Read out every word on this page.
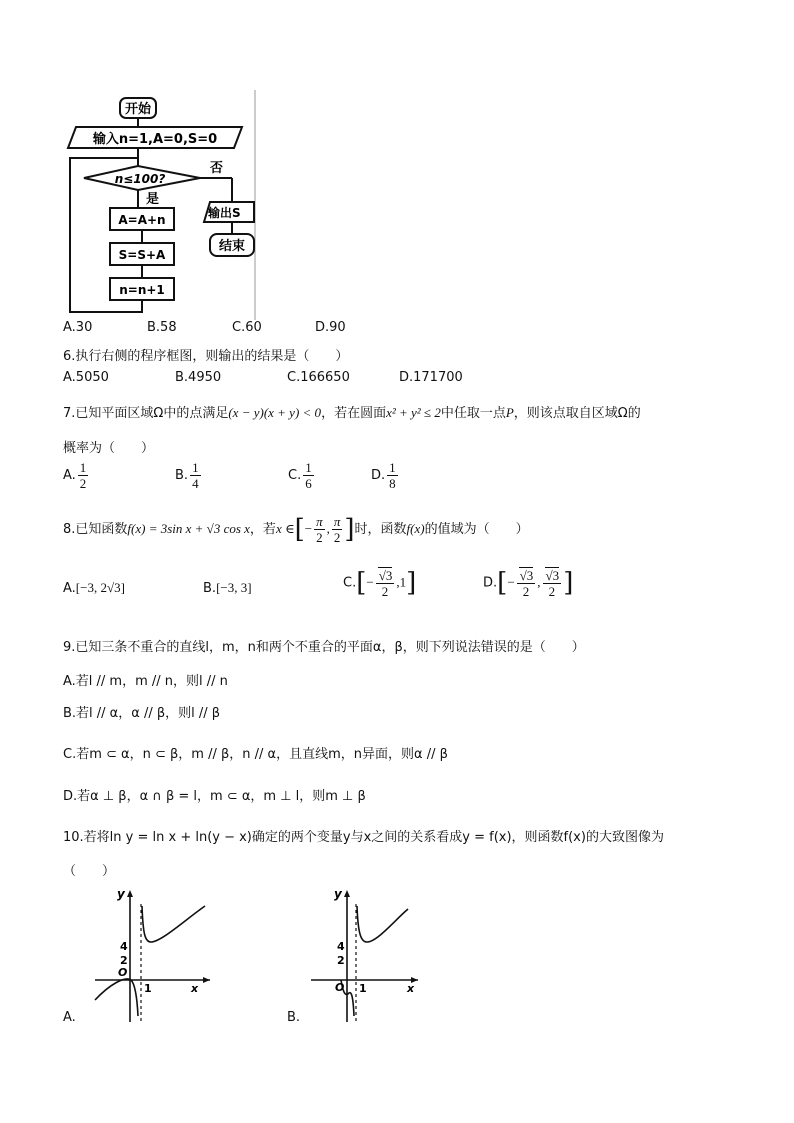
开始
输入n=1,A=0,S=0
n≤100?
否
输出S
结束
是
A=A+n
S=S+A
n=n+1
A.30	B.58	C.60	D.90
6.执行右侧的程序框图，则输出的结果是（　　）
A.5050	B.4950	C.166650	D.171700
7.已知平面区域Ω中的点满足(x − y)(x + y) < 0，若在圆面x² + y² ≤ 2中任取一点P，则该点取自区域Ω的
概率为（　　）
A. $\frac{1}{2}$	B. $\frac{1}{4}$	C. $\frac{1}{6}$	D. $\frac{1}{8}$
8.已知函数f(x) = 3sin x + √3 cos x，若x ∈[− $\frac{\pi}{2}$ , $\frac{\pi}{2}$ ]时，函数f(x)的值域为（　　）
A.[−3, 2√3]	B.[−3, 3]	$C.[- \frac{√3}{2} ,1]$	$D.[- \frac{√3}{2}$ , $\frac{√3}{2}$ ]
9.已知三条不重合的直线l，m，n和两个不重合的平面α，β，则下列说法错误的是（　　）
A.若l // m，m // n，则l // n
B.若l // α，α // β，则l // β
C.若m ⊂ α，n ⊂ β，m // β，n // α，且直线m，n异面，则α // β
D.若α ⊥ β，α ∩ β = l，m ⊂ α，m ⊥ l，则m ⊥ β
10.若将ln y = ln x + ln(y − x)确定的两个变量y与x之间的关系看成y = f(x)，则函数f(x)的大致图像为
（　　）
y
x
O
1
4
2
A.
y
x
O 1
4
2
B.
